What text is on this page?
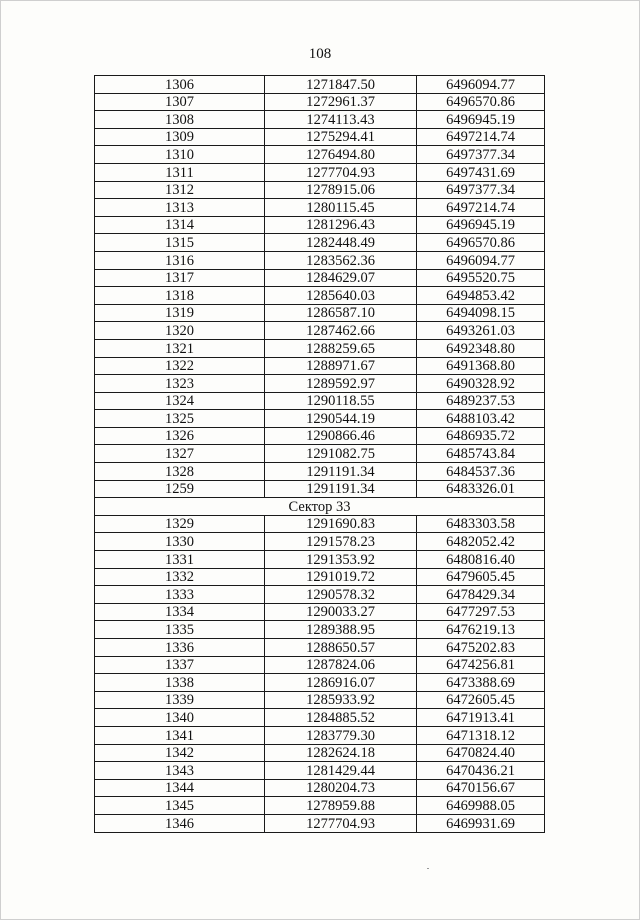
108
1306	1271847.50	6496094.77
1307	1272961.37	6496570.86
1308	1274113.43	6496945.19
1309	1275294.41	6497214.74
1310	1276494.80	6497377.34
1311	1277704.93	6497431.69
1312	1278915.06	6497377.34
1313	1280115.45	6497214.74
1314	1281296.43	6496945.19
1315	1282448.49	6496570.86
1316	1283562.36	6496094.77
1317	1284629.07	6495520.75
1318	1285640.03	6494853.42
1319	1286587.10	6494098.15
1320	1287462.66	6493261.03
1321	1288259.65	6492348.80
1322	1288971.67	6491368.80
1323	1289592.97	6490328.92
1324	1290118.55	6489237.53
1325	1290544.19	6488103.42
1326	1290866.46	6486935.72
1327	1291082.75	6485743.84
1328	1291191.34	6484537.36
1259	1291191.34	6483326.01
Сектор 33		
1329	1291690.83	6483303.58
1330	1291578.23	6482052.42
1331	1291353.92	6480816.40
1332	1291019.72	6479605.45
1333	1290578.32	6478429.34
1334	1290033.27	6477297.53
1335	1289388.95	6476219.13
1336	1288650.57	6475202.83
1337	1287824.06	6474256.81
1338	1286916.07	6473388.69
1339	1285933.92	6472605.45
1340	1284885.52	6471913.41
1341	1283779.30	6471318.12
1342	1282624.18	6470824.40
1343	1281429.44	6470436.21
1344	1280204.73	6470156.67
1345	1278959.88	6469988.05
1346	1277704.93	6469931.69
